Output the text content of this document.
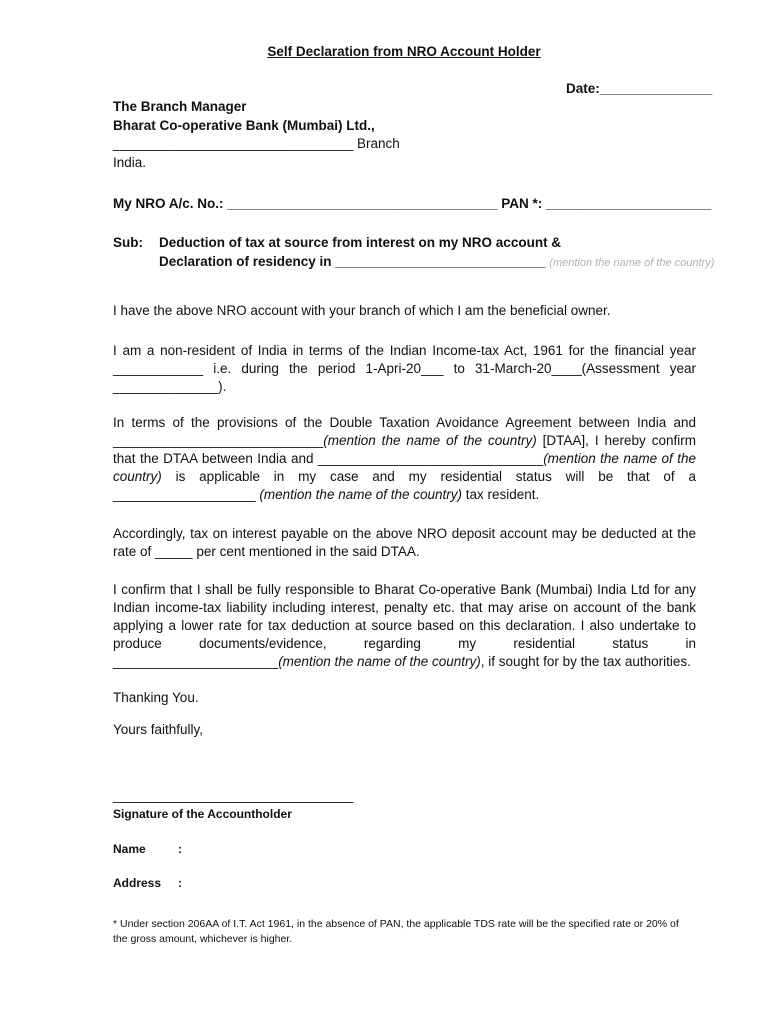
Self Declaration from NRO Account Holder
Date:_______________
The Branch Manager
Bharat Co-operative Bank (Mumbai) Ltd.,
________________________________ Branch
India.
My NRO A/c. No.: ____________________________________ PAN *: ______________________
Sub: Deduction of tax at source from interest on my NRO account &
Declaration of residency in ____________________________ (mention the name of the country)
I have the above NRO account with your branch of which I am the beneficial owner.
I am a non-resident of India in terms of the Indian Income-tax Act, 1961 for the financial year ____________ i.e. during the period 1-Apri-20___ to 31-March-20____(Assessment year ______________).
In terms of the provisions of the Double Taxation Avoidance Agreement between India and ____________________________(mention the name of the country) [DTAA], I hereby confirm that the DTAA between India and ______________________________(mention the name of the country) is applicable in my case and my residential status will be that of a ___________________ (mention the name of the country) tax resident.
Accordingly, tax on interest payable on the above NRO deposit account may be deducted at the rate of _____ per cent mentioned in the said DTAA.
I confirm that I shall be fully responsible to Bharat Co-operative Bank (Mumbai) India Ltd for any Indian income-tax liability including interest, penalty etc. that may arise on account of the bank applying a lower rate for tax deduction at source based on this declaration. I also undertake to produce documents/evidence, regarding my residential status in ______________________(mention the name of the country), if sought for by the tax authorities.
Thanking You.
Yours faithfully,
________________________________
Signature of the Accountholder
Name	:
Address :
* Under section 206AA of I.T. Act 1961, in the absence of PAN, the applicable TDS rate will be the specified rate or 20% of the gross amount, whichever is higher.
